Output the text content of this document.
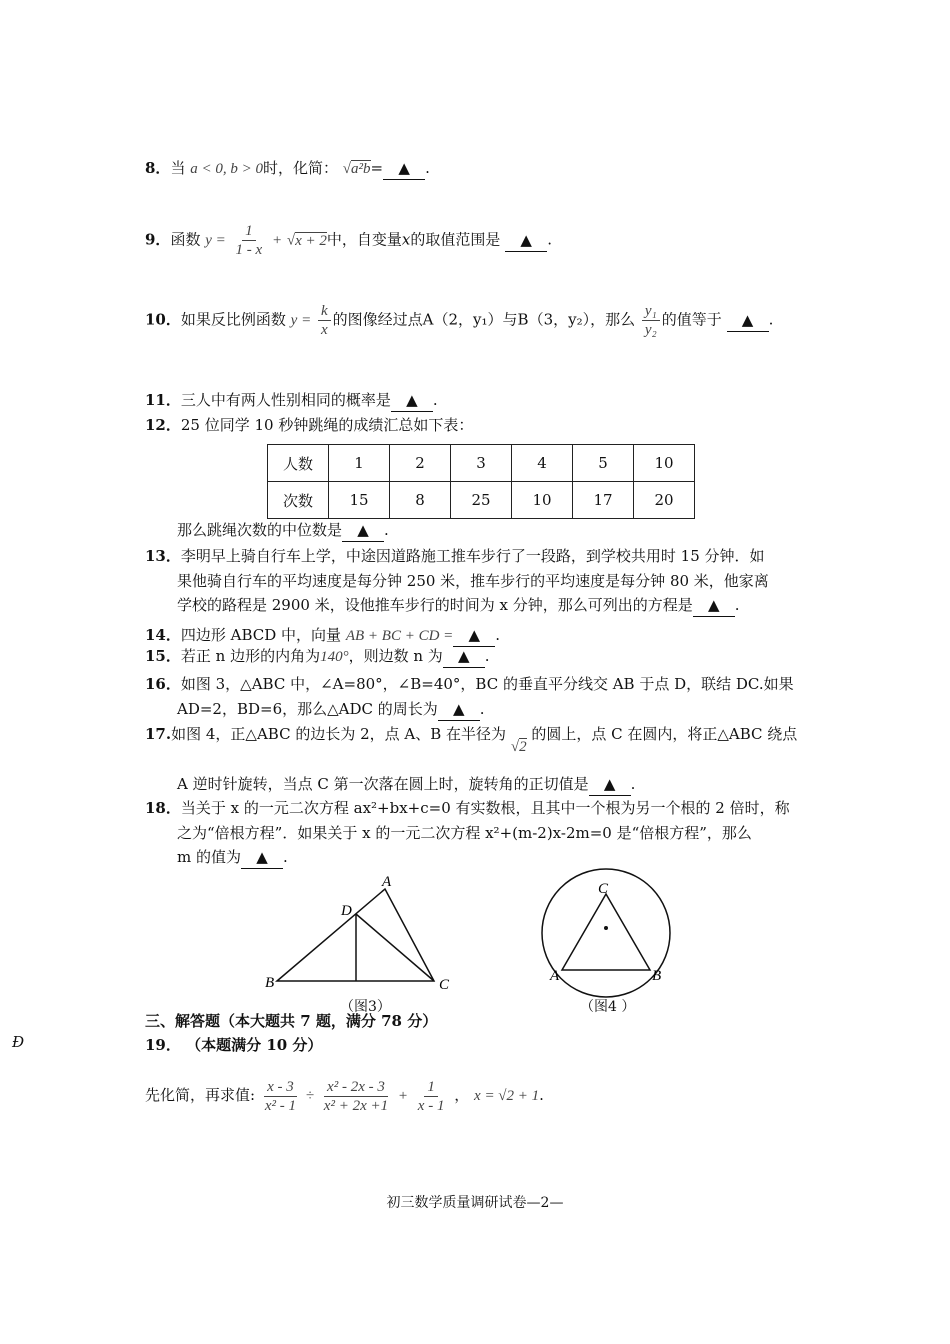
8．当 a < 0, b > 0时，化简： √a²b= ▲ .
9．函数 $y = \frac{1}{1 - x} + √x + 2$中，自变量x的取值范围是 ▲ .
10．如果反比例函数 $y = \frac{k}{x}$ 的图像经过点A（2，y₁）与B（3，y₂），那么 $\frac{\text{y₁}}{\text{y₂}}$ 的值等于 ▲ .
11．三人中有两人性别相同的概率是 ▲ .
12．25 位同学 10 秒钟跳绳的成绩汇总如下表：
人数	1	2	3	4	5	10
次数	15	8	25	10	17	20
那么跳绳次数的中位数是 ▲ .
13．李明早上骑自行车上学，中途因道路施工推车步行了一段路，到学校共用时 15 分钟．如
果他骑自行车的平均速度是每分钟 250 米，推车步行的平均速度是每分钟 80 米，他家离
学校的路程是 2900 米，设他推车步行的时间为 x 分钟，那么可列出的方程是 ▲ .
14．四边形 ABCD 中，向量 AB + BC + CD = ▲ .
15．若正 n 边形的内角为140°，则边数 n 为 ▲ .
16．如图 3，△ABC 中，∠A=80°，∠B=40°，BC 的垂直平分线交 AB 于点 D，联结 DC.如果
AD=2，BD=6，那么△ADC 的周长为 ▲ .
17.如图 4，正△ABC 的边长为 2，点 A、B 在半径为 √2 的圆上，点 C 在圆内，将正△ABC 绕点
A 逆时针旋转，当点 C 第一次落在圆上时，旋转角的正切值是 ▲ .
18．当关于 x 的一元二次方程 ax²+bx+c=0 有实数根，且其中一个根为另一个根的 2 倍时，称
之为“倍根方程”．如果关于 x 的一元二次方程 x²+(m-2)x-2m=0 是“倍根方程”，那么
m 的值为 ▲ .
A
D
B	C
（图3）
C
A	B
（图4 ）
三、解答题（本大题共 7 题，满分 78 分）
Ð	19． （本题满分 10 分）
先化简，再求值: $\frac{x - 3}{\text{x² - 1}} \div \frac{\text{x² - 2x - 3}}{\text{x² + 2x +1}} + \frac{1}{x - 1}$ ， x = √2 + 1.
初三数学质量调研试卷—2—
